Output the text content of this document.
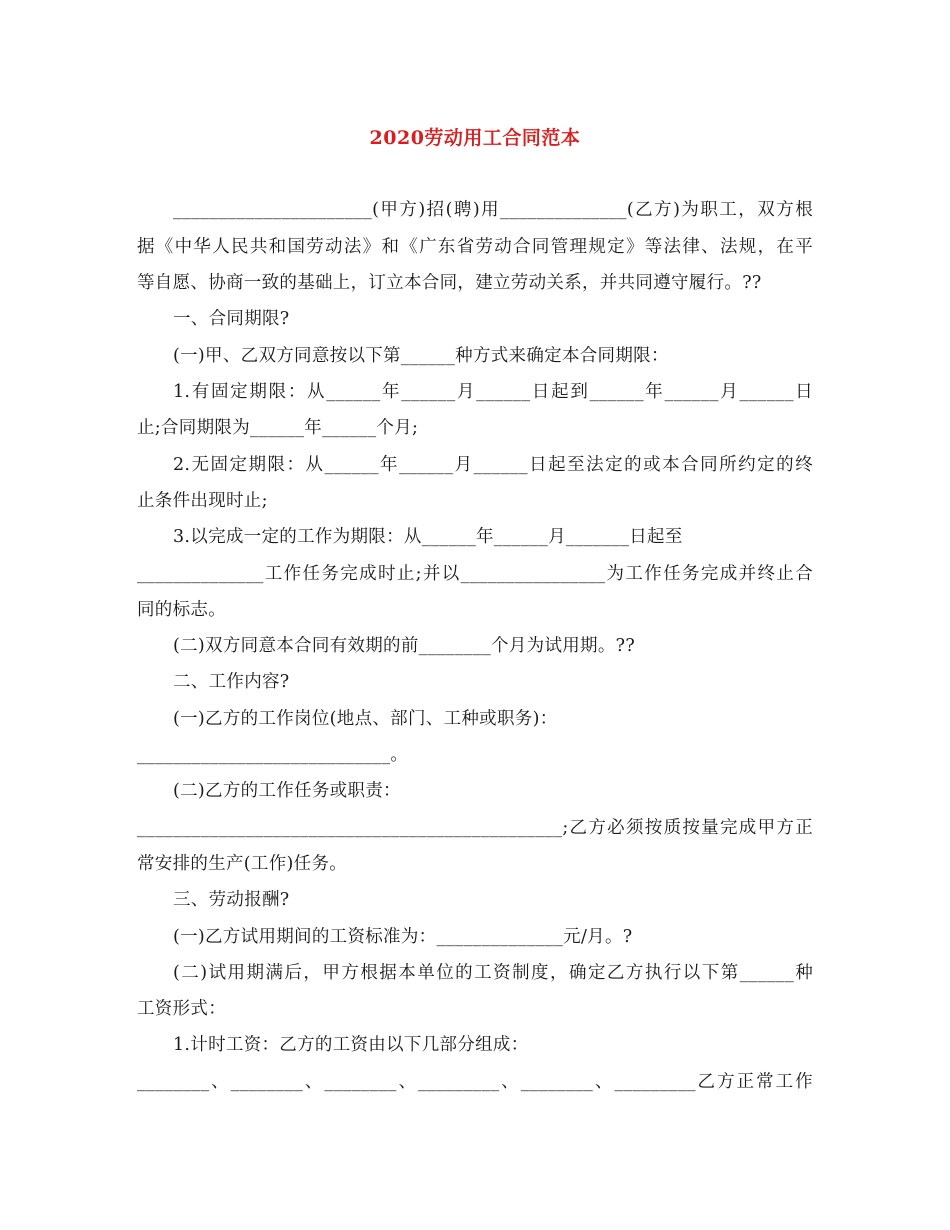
2020劳动用工合同范本
______________________(甲方)招(聘)用______________(乙方)为职工，双方根
据《中华人民共和国劳动法》和《广东省劳动合同管理规定》等法律、法规，在平
等自愿、协商一致的基础上，订立本合同，建立劳动关系，并共同遵守履行。??
一、合同期限?
(一)甲、乙双方同意按以下第______种方式来确定本合同期限：
1.有固定期限：从______年______月______日起到______年______月______日
止;合同期限为______年______个月;
2.无固定期限：从______年______月______日起至法定的或本合同所约定的终
止条件出现时止;
3.以完成一定的工作为期限：从______年______月_______日起至
______________工作任务完成时止;并以________________为工作任务完成并终止合
同的标志。
(二)双方同意本合同有效期的前________个月为试用期。??
二、工作内容?
(一)乙方的工作岗位(地点、部门、工种或职务)：
____________________________。
(二)乙方的工作任务或职责：
_______________________________________________;乙方必须按质按量完成甲方正
常安排的生产(工作)任务。
三、劳动报酬?
(一)乙方试用期间的工资标准为：______________元/月。?
(二)试用期满后，甲方根据本单位的工资制度，确定乙方执行以下第______种
工资形式：
1.计时工资：乙方的工资由以下几部分组成：
________、________、________、_________、________、_________乙方正常工作
